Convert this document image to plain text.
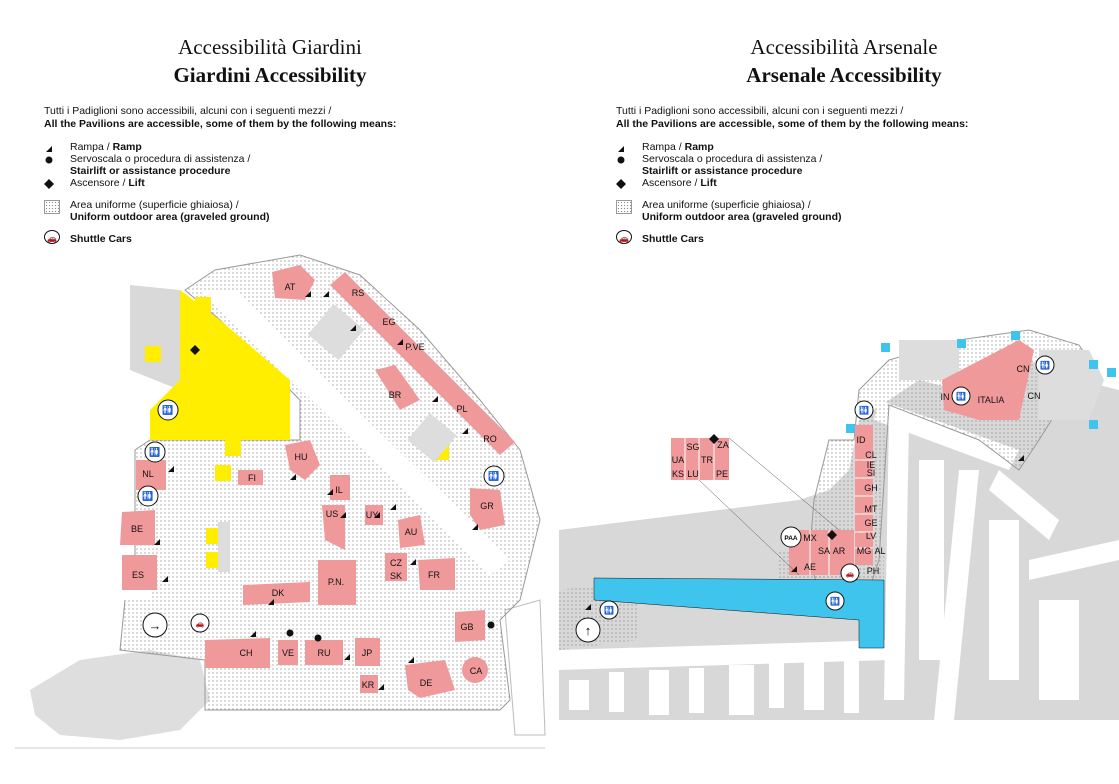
Accessibilità Giardini
Giardini Accessibility
Tutti i Padiglioni sono accessibili, alcuni con i seguenti mezzi /
All the Pavilions are accessible, some of them by the following means:
Rampa / Ramp
Servoscala o procedura di assistenza /
Stairlift or assistance procedure
Ascensore / Lift
Area uniforme (superficie ghiaiosa) /
Uniform outdoor area (graveled ground)
🚗 Shuttle Cars
🚻
🚻
🚻
🚻
→	🚗
AT
RS
EG
P.VE
BR
PL
RO
GR
HU
FI
NL
BE
ES
IL
US	UY
AU
CZ
SK	FR
P.N.
DK
CH	VE	RU	JP
GB
CA
DE
KR
Accessibilità Arsenale
Arsenale Accessibility
Tutti i Padiglioni sono accessibili, alcuni con i seguenti mezzi /
All the Pavilions are accessible, some of them by the following means:
Rampa / Ramp
Servoscala o procedura di assistenza /
Stairlift or assistance procedure
Ascensore / Lift
Area uniforme (superficie ghiaiosa) /
Uniform outdoor area (graveled ground)
🚗 Shuttle Cars
PAA
🚗
↑
🚻
🚻
🚻
🚻
🚻
SG ZA
UA TR
KS LU PE
MX
SA AR
AE
ID
CL
IE
SI
GH
MT
GE
LV
MG AL
PH
IN	ITALIA
CN
CN
